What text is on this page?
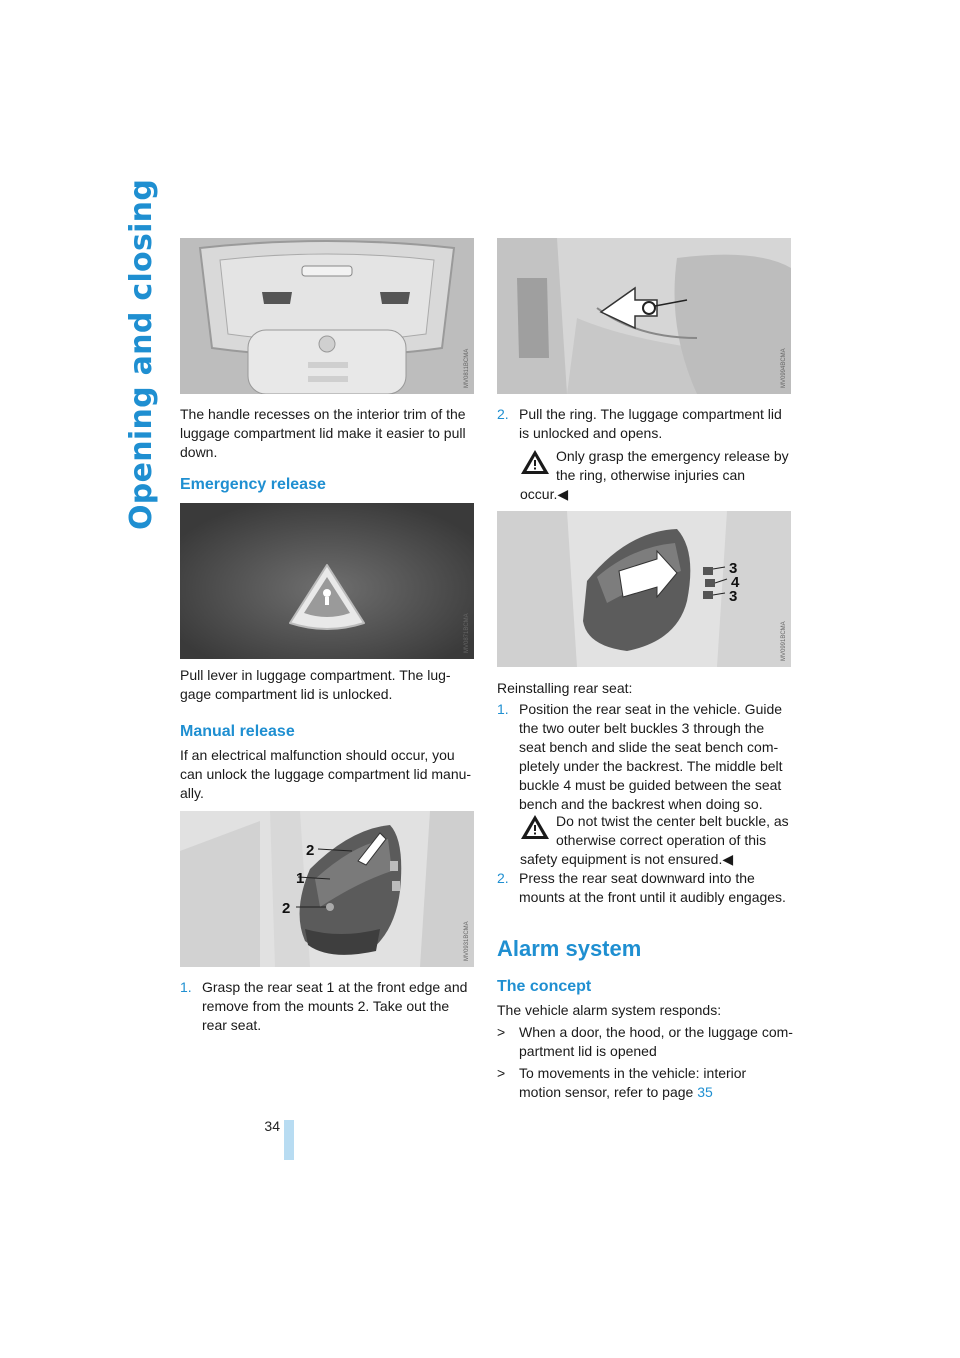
Opening and closing	MV0811BCMA
The handle recesses on the interior trim of the
luggage compartment lid make it easier to pull
down.
Emergency release
MV0871BCMA
Pull lever in luggage compartment. The lug-
gage compartment lid is unlocked.
Manual release
If an electrical malfunction should occur, you
can unlock the luggage compartment lid manu-
ally.
2
1
2
MV0931BCMA
1. Grasp the rear seat 1 at the front edge and
remove from the mounts 2. Take out the
rear seat.
MV0994BCMA
2. Pull the ring. The luggage compartment lid
is unlocked and opens.
Only grasp the emergency release by
the ring, otherwise injuries can
occur.◀
3
4
3
MV0991BCMA
Reinstalling rear seat:
1. Position the rear seat in the vehicle. Guide
the two outer belt buckles 3 through the
seat bench and slide the seat bench com-
pletely under the backrest. The middle belt
buckle 4 must be guided between the seat
bench and the backrest when doing so.
Do not twist the center belt buckle, as
otherwise correct operation of this
safety equipment is not ensured.◀
2. Press the rear seat downward into the
mounts at the front until it audibly engages.
Alarm system
The concept
The vehicle alarm system responds:
> When a door, the hood, or the luggage com-
partment lid is opened
> To movements in the vehicle: interior
motion sensor, refer to page 35
34
